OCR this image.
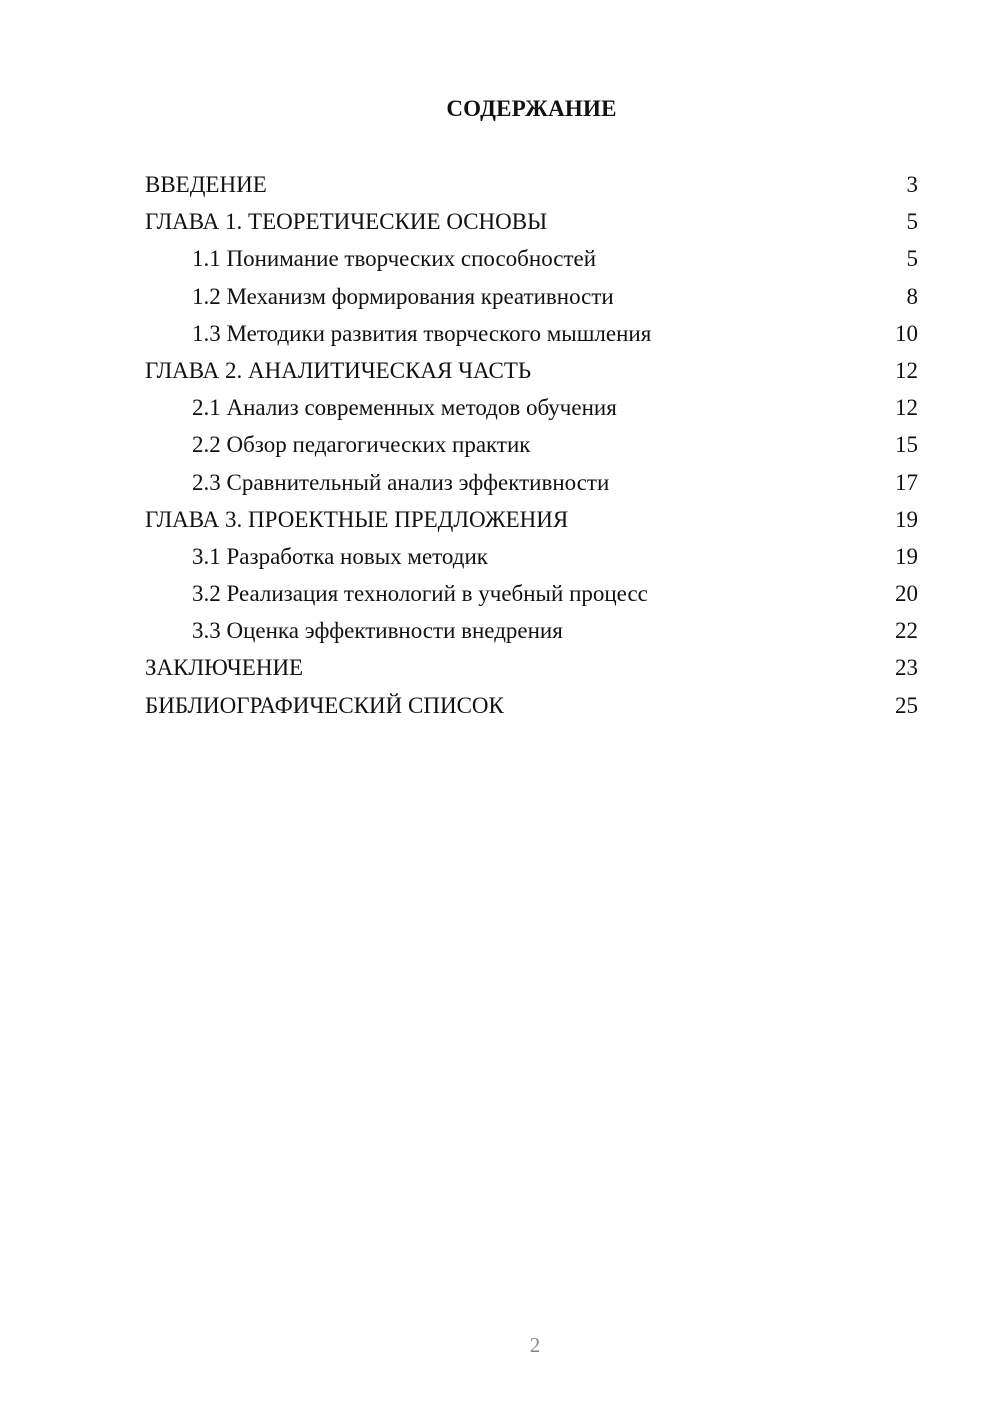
СОДЕРЖАНИЕ
ВВЕДЕНИЕ	3
ГЛАВА 1. ТЕОРЕТИЧЕСКИЕ ОСНОВЫ	5
1.1 Понимание творческих способностей	5
1.2 Механизм формирования креативности	8
1.3 Методики развития творческого мышления	10
ГЛАВА 2. АНАЛИТИЧЕСКАЯ ЧАСТЬ	12
2.1 Анализ современных методов обучения	12
2.2 Обзор педагогических практик	15
2.3 Сравнительный анализ эффективности	17
ГЛАВА 3. ПРОЕКТНЫЕ ПРЕДЛОЖЕНИЯ	19
3.1 Разработка новых методик	19
3.2 Реализация технологий в учебный процесс	20
3.3 Оценка эффективности внедрения	22
ЗАКЛЮЧЕНИЕ	23
БИБЛИОГРАФИЧЕСКИЙ СПИСОК	25
2
